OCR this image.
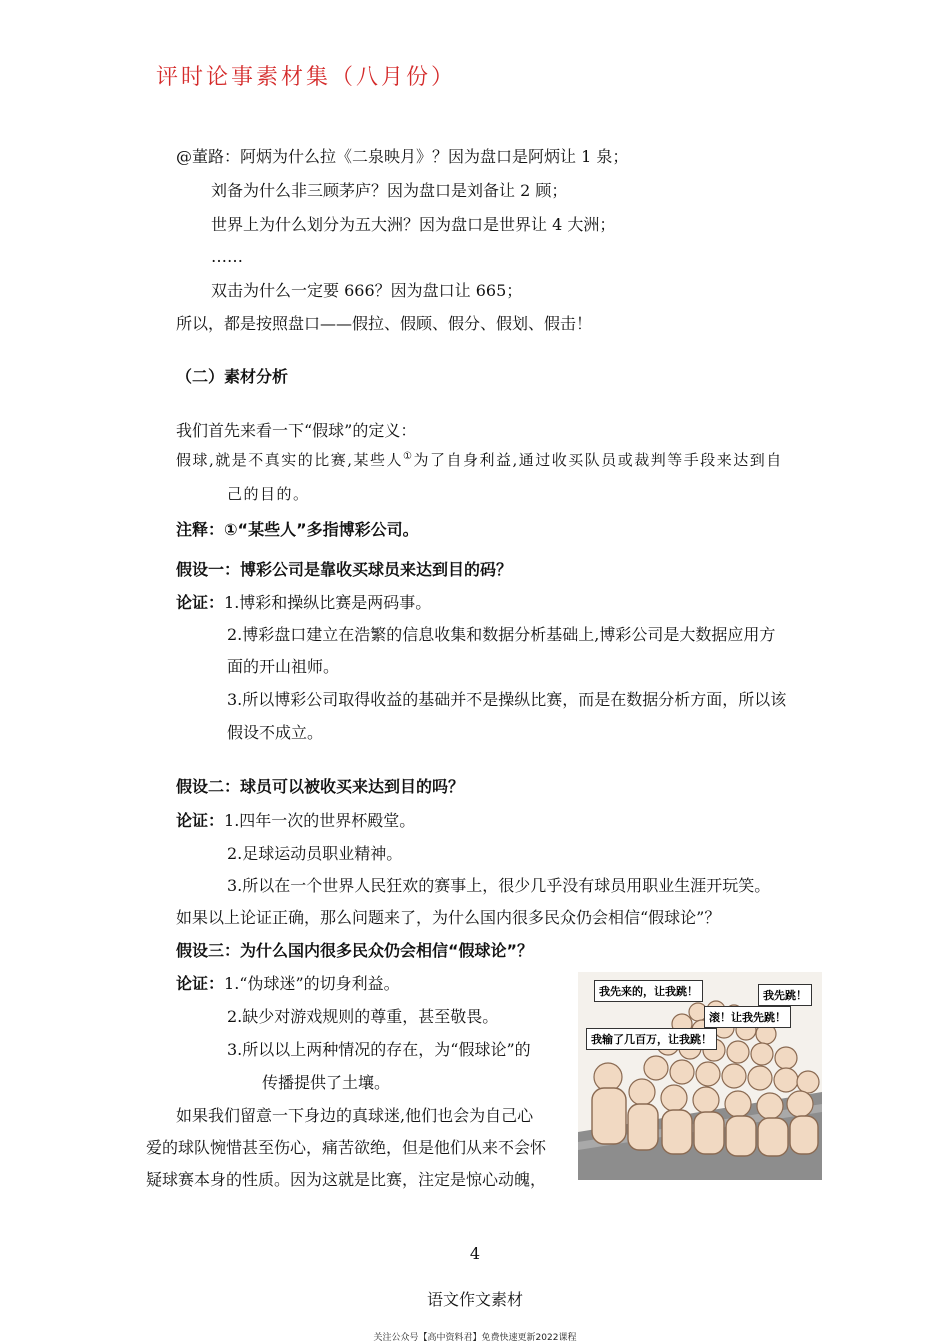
评时论事素材集（八月份）
@董路：阿炳为什么拉《二泉映月》？因为盘口是阿炳让 1 泉；
刘备为什么非三顾茅庐？因为盘口是刘备让 2 顾；
世界上为什么划分为五大洲？因为盘口是世界让 4 大洲；
……
双击为什么一定要 666？因为盘口让 665；
所以，都是按照盘口——假拉、假顾、假分、假划、假击！
（二）素材分析
我们首先来看一下“假球”的定义：
假球,就是不真实的比赛,某些人①为了自身利益,通过收买队员或裁判等手段来达到自
己的目的。
注释：①“某些人”多指博彩公司。
假设一：博彩公司是靠收买球员来达到目的码？
论证：1.博彩和操纵比赛是两码事。
2.博彩盘口建立在浩繁的信息收集和数据分析基础上,博彩公司是大数据应用方
面的开山祖师。
3.所以博彩公司取得收益的基础并不是操纵比赛，而是在数据分析方面，所以该
假设不成立。
假设二：球员可以被收买来达到目的吗？
论证：1.四年一次的世界杯殿堂。
2.足球运动员职业精神。
3.所以在一个世界人民狂欢的赛事上，很少几乎没有球员用职业生涯开玩笑。
如果以上论证正确，那么问题来了，为什么国内很多民众仍会相信“假球论”？
假设三：为什么国内很多民众仍会相信“假球论”？
论证：1.“伪球迷”的切身利益。
2.缺少对游戏规则的尊重，甚至敬畏。
3.所以以上两种情况的存在，为“假球论”的
传播提供了土壤。
如果我们留意一下身边的真球迷,他们也会为自己心
爱的球队惋惜甚至伤心，痛苦欲绝，但是他们从来不会怀
疑球赛本身的性质。因为这就是比赛，注定是惊心动魄，
我先来的，让我跳！	我先跳！
滚！让我先跳！
我输了几百万，让我跳！
4
语文作文素材
关注公众号【高中资料君】免费快速更新2022课程
